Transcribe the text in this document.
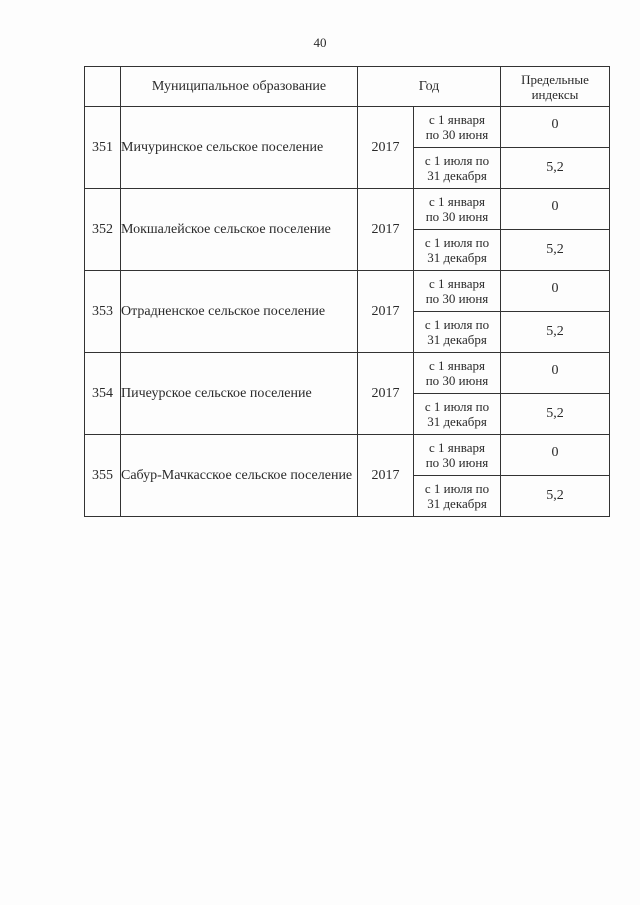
40
	Муниципальное образование	Год		Предельные
индексы
351	Мичуринское сельское поселение	2017	с 1 января
по 30 июня	0
			с 1 июля по
31 декабря	5,2
352	Мокшалейское сельское поселение	2017	с 1 января
по 30 июня	0
			с 1 июля по
31 декабря	5,2
353	Отрадненское сельское поселение	2017	с 1 января
по 30 июня	0
			с 1 июля по
31 декабря	5,2
354	Пичеурское сельское поселение	2017	с 1 января
по 30 июня	0
			с 1 июля по
31 декабря	5,2
355	Сабур-Мачкасское сельское поселение	2017	с 1 января
по 30 июня	0
			с 1 июля по
31 декабря	5,2
